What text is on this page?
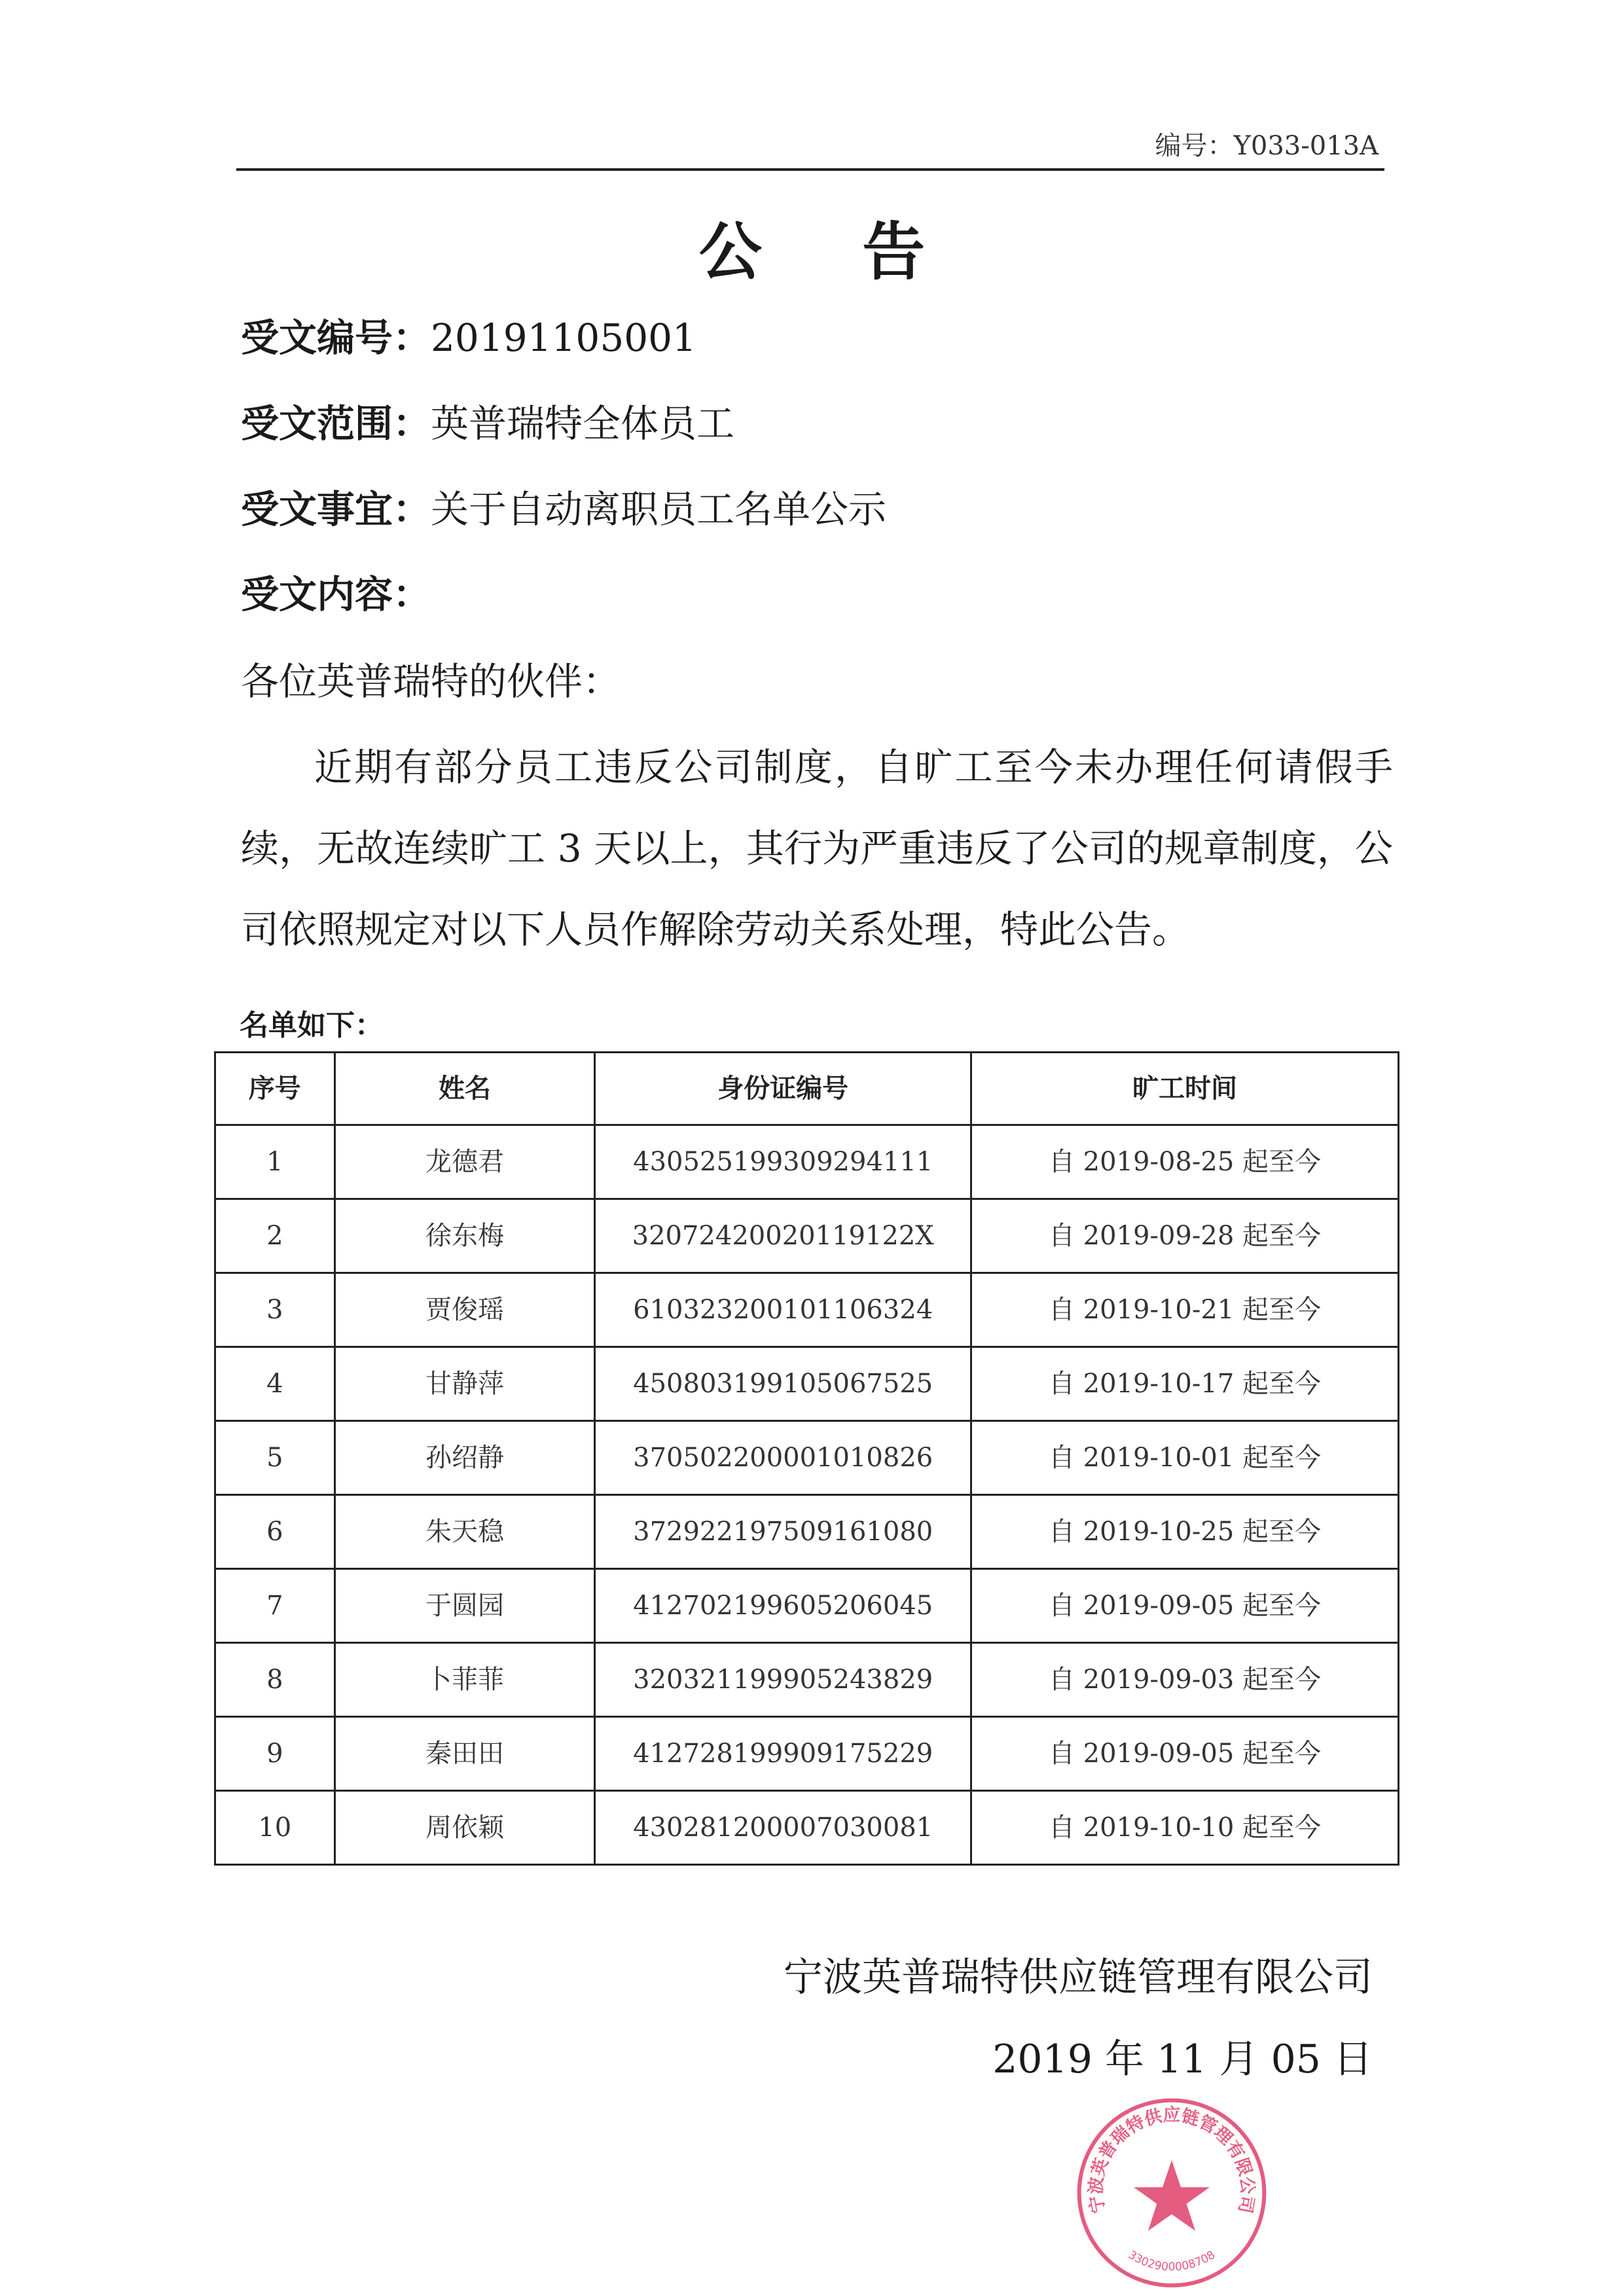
编号：Y033-013A
公 告
受文编号：20191105001
受文范围：英普瑞特全体员工
受文事宜：关于自动离职员工名单公示
受文内容：
各位英普瑞特的伙伴：
近期有部分员工违反公司制度，自旷工至今未办理任何请假手续，无故连续旷工 3 天以上，其行为严重违反了公司的规章制度，公司依照规定对以下人员作解除劳动关系处理，特此公告。
名单如下：
序号	姓名	身份证编号	旷工时间
1	龙德君	430525199309294111	自 2019-08-25 起至今
2	徐东梅	32072420020119122X	自 2019-09-28 起至今
3	贾俊瑶	610323200101106324	自 2019-10-21 起至今
4	甘静萍	450803199105067525	自 2019-10-17 起至今
5	孙绍静	370502200001010826	自 2019-10-01 起至今
6	朱天稳	372922197509161080	自 2019-10-25 起至今
7	于圆园	412702199605206045	自 2019-09-05 起至今
8	卜菲菲	320321199905243829	自 2019-09-03 起至今
9	秦田田	412728199909175229	自 2019-09-05 起至今
10	周依颖	430281200007030081	自 2019-10-10 起至今
宁波英普瑞特供应链管理有限公司
2019 年 11 月 05 日
宁波英普瑞特供应链管理有限公司
3302900008708
